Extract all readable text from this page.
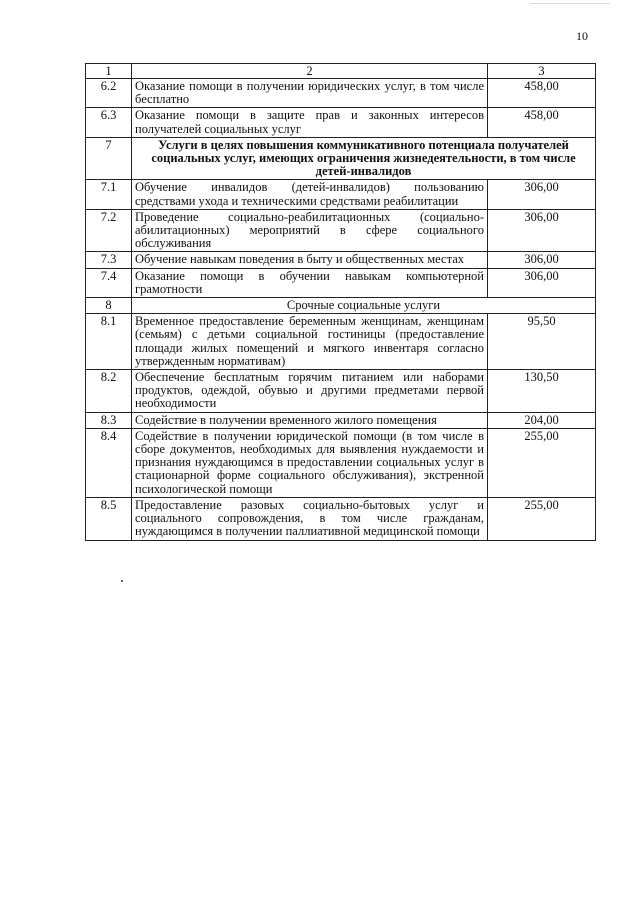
10
1	2	3
6.2	Оказание помощи в получении юридических услуг, в том числе бесплатно	458,00
6.3	Оказание помощи в защите прав и законных интересов получателей социальных услуг	458,00
7	Услуги в целях повышения коммуникативного потенциала получателей социальных услуг, имеющих ограничения жизнедеятельности, в том числе детей-инвалидов	
7.1	Обучение инвалидов (детей-инвалидов) пользованию средствами ухода и техническими средствами реабилитации	306,00
7.2	Проведение социально-реабилитационных (социально-абилитационных) мероприятий в сфере социального обслуживания	306,00
7.3	Обучение навыкам поведения в быту и общественных местах	306,00
7.4	Оказание помощи в обучении навыкам компьютерной грамотности	306,00
8	Срочные социальные услуги	
8.1	Временное предоставление беременным женщинам, женщинам (семьям) с детьми социальной гостиницы (предоставление площади жилых помещений и мягкого инвентаря согласно утвержденным нормативам)	95,50
8.2	Обеспечение бесплатным горячим питанием или наборами продуктов, одеждой, обувью и другими предметами первой необходимости	130,50
8.3	Содействие в получении временного жилого помещения	204,00
8.4	Содействие в получении юридической помощи (в том числе в сборе документов, необходимых для выявления нуждаемости и признания нуждающимся в предоставлении социальных услуг в стационарной форме социального обслуживания), экстренной психологической помощи	255,00
8.5	Предоставление разовых социально-бытовых услуг и социального сопровождения, в том числе гражданам, нуждающимся в получении паллиативной медицинской помощи	255,00
